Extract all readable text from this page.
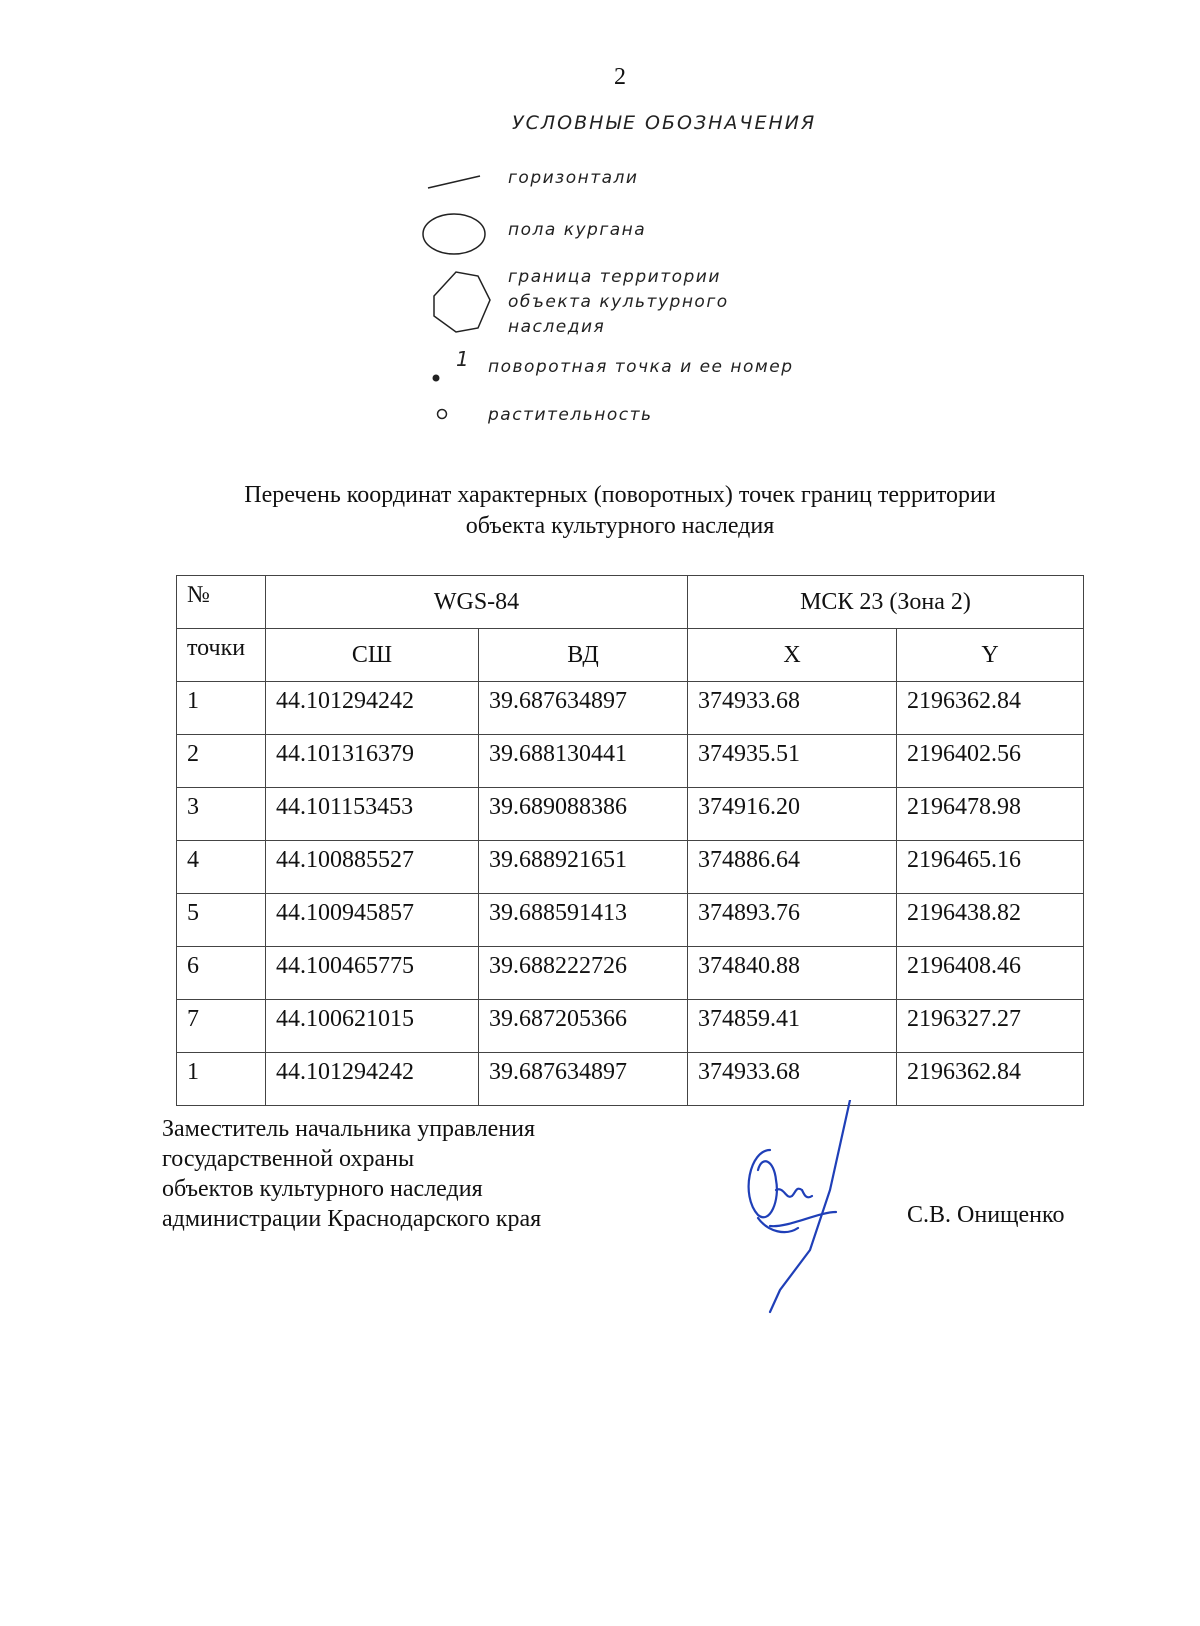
2
УСЛОВНЫЕ ОБОЗНАЧЕНИЯ
горизонтали
пола кургана
граница территории
объекта культурного
наследия
1 поворотная точка и ее номер
растительность
Перечень координат характерных (поворотных) точек границ территории
объекта культурного наследия
№	WGS-84		МСК 23 (Зона 2)	
точки	СШ	ВД	X	Y
1	44.101294242	39.687634897	374933.68	2196362.84
2	44.101316379	39.688130441	374935.51	2196402.56
3	44.101153453	39.689088386	374916.20	2196478.98
4	44.100885527	39.688921651	374886.64	2196465.16
5	44.100945857	39.688591413	374893.76	2196438.82
6	44.100465775	39.688222726	374840.88	2196408.46
7	44.100621015	39.687205366	374859.41	2196327.27
1	44.101294242	39.687634897	374933.68	2196362.84
Заместитель начальника управления
государственной охраны
объектов культурного наследия
администрации Краснодарского края	С.В. Онищенко
